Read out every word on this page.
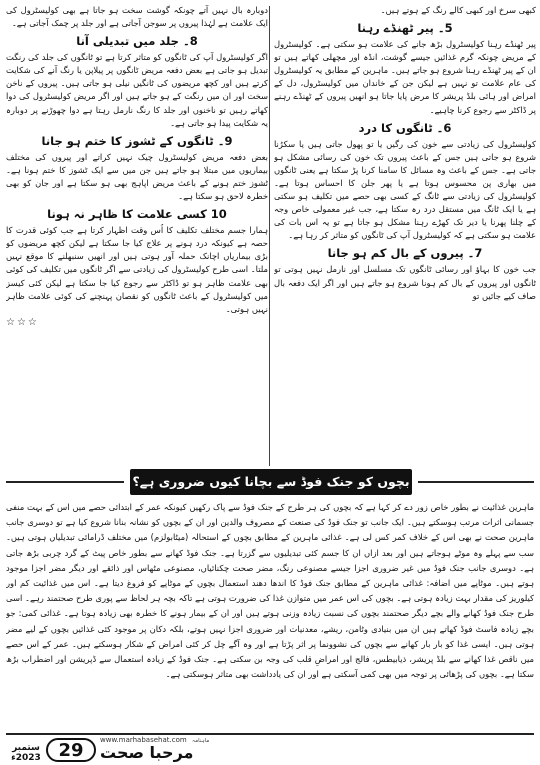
کبھی سرخ اور کبھی کالے رنگ کے ہوتے ہیں۔

5۔ پیر ٹھنڈے رہنا

پیر ٹھنڈے رہنا کولیسٹرول بڑھ جانے کی علامت ہو سکتی ہے۔ کولیسٹرول کے مریض چونکہ گرم غذائیں جیسے گوشت، انڈہ اور مچھلی کھاتے ہیں تو ان کے پیر ٹھنڈے رہنا شروع ہو جاتے ہیں۔ ماہرین کے مطابق یہ کولیسٹرول کی عام علامت تو نہیں ہے لیکن جن کے خاندان میں کولیسٹرول، دل کے امراض اور ہائی بلڈ پریشر کا مرض پایا جاتا ہو انھیں پیروں کے ٹھنڈے رہنے پر ڈاکٹر سے رجوع کرنا چاہیے۔

6۔ ٹانگوں کا درد

کولیسٹرول کی زیادتی سے خون کی رگیں یا تو پھول جاتی ہیں یا سکڑنا شروع ہو جاتی ہیں جس کے باعث پیروں تک خون کی رسائی مشکل ہو جاتی ہے۔ جس کے باعث وہ مسائل کا سامنا کرنا پڑ سکتا ہے یعنی ٹانگوں میں بھاری پن محسوس ہوتا ہے یا پھر جلن کا احساس ہوتا ہے۔ کولیسٹرول کی زیادتی سے ٹانگ کے کسی بھی حصے میں تکلیف ہو سکتی ہے یا ایک ٹانگ میں مستقل درد رہ سکتا ہے، جب غیر معمولی خاص وجہ کے چلنا پھرنا یا دیر تک کھڑے رہنا مشکل ہو جاتا ہے تو یہ اس بات کی علامت ہو سکتی ہے کہ کولیسٹرول آپ کی ٹانگوں کو متاثر کر رہا ہے۔

7۔ پیروں کے بال کم ہو جانا

جب خون کا بہاؤ اور رسائی ٹانگوں تک مسلسل اور نارمل نہیں ہوتی تو ٹانگوں اور پیروں کے بال کم ہونا شروع ہو جاتے ہیں اور اگر ایک دفعہ بال صاف کیے جائیں تو

دوبارہ بال نہیں آتے چونکہ گوشت سخت ہو جاتا ہے بھی کولیسٹرول کی ایک علامت ہے لہٰذا پیروں پر سوجن آجاتی ہے اور جلد پر چمک آجاتی ہے۔

8۔ جلد میں تبدیلی آنا

اگر کولیسٹرول آپ کی ٹانگوں کو متاثر کرتا ہے تو ٹانگوں کی جلد کی رنگت تبدیل ہو جاتی ہے بعض دفعہ مریض ٹانگوں پر پیلاپن یا رنگ آنے کی شکایت کرتے ہیں اور کچھ مریضوں کی ٹانگیں نیلی ہو جاتی ہیں۔ پیروں کے ناخن سخت اور ان میں رنگت کے ہو جاتے ہیں اور اگر مریض کولیسٹرول کی دوا کھاتے رہیں تو ناخنوں اور جلد کا رنگ نارمل رہتا ہے دوا چھوڑنے پر دوبارہ یہ شکایت پیدا ہو جاتی ہے۔

9۔ ٹانگوں کے ٹشوز کا ختم ہو جانا

بعض دفعہ مریض کولیسٹرول چیک نہیں کراتے اور پیروں کی مختلف بیماریوں میں مبتلا ہو جاتے ہیں جن میں سے ایک ٹشوز کا ختم ہونا ہے۔ ٹشوز ختم ہونے کے باعث مریض اپاہج بھی ہو سکتا ہے اور جان کو بھی خطرہ لاحق ہو سکتا ہے۔

10 کسی علامت کا ظاہر نہ ہونا

ہمارا جسم مختلف تکلیف کا اُس وقت اظہار کرتا ہے جب کوئی قدرت کا حصہ ہے کیونکہ درد ہونے پر علاج کیا جا سکتا ہے لیکن کچھ مریضوں کو بڑی بیماریاں اچانک حملہ آور ہوتی ہیں اور انھیں سنبھلنے کا موقع نہیں ملتا۔ اسی طرح کولیسٹرول کی زیادتی سے اگر ٹانگوں میں تکلیف کی کوئی بھی علامت ظاہر ہو تو ڈاکٹر سے رجوع کیا جا سکتا ہے لیکن کئی کیسز میں کولیسٹرول کے باعث ٹانگوں کو نقصان پہنچنے کی کوئی علامت ظاہر نہیں ہوتی۔

☆☆☆
بچوں کو جنک فوڈ سے بچانا کیوں ضروری ہے؟

ماہرین غذائیت نے بطور خاص زور دے کر کہا ہے کہ بچوں کی ہر طرح کے جنک فوڈ سے پاک رکھیں کیونکہ عمر کے ابتدائی حصے میں اس کے بہت منفی جسمانی اثرات مرتب ہوسکتے ہیں۔ ایک جانب تو جنک فوڈ کی صنعت کے مصروف والدین اور ان کے بچوں کو نشانہ بنانا شروع کیا ہے تو دوسری جانب ماہرین صحت نے بھی اس کے خلاف کمر کس لی ہے۔ غذائی ماہرین کے مطابق بچوں کے استحالہ (میٹابولزم) میں مختلف ڈرامائی تبدیلیاں ہوتی ہیں۔ سب سے پہلے وہ موٹے ہوجاتے ہیں اور بعد ازاں ان کا جسم کئی تبدیلیوں سے گزرتا ہے۔ جنک فوڈ کھانے سے بطور خاص پیٹ کے گرد چربی بڑھ جاتی ہے۔ دوسری جانب جنک فوڈ میں غیر ضروری اجزا جیسے مصنوعی رنگ، مضر صحت چکنائیاں، مصنوعی مٹھاس اور ذائقے اور دیگر مضر اجزا موجود ہوتے ہیں۔ موٹاپے میں اضافہ: غذائی ماہرین کے مطابق جنک فوڈ کا اندھا دھند استعمال بچوں کے موٹاپے کو فروغ دیتا ہے۔ اس میں غذائیت کم اور کیلوریز کی مقدار بہت زیادہ ہوتی ہے۔ بچوں کی اس عمر میں متوازن غذا کی ضرورت ہوتی ہے تاکہ بچہ ہر لحاظ سے پوری طرح صحتمند رہے۔ اسی طرح جنک فوڈ کھانے والے بچے دیگر صحتمند بچوں کی نسبت زیادہ وزنی ہوتے ہیں اور ان کے بیمار ہونے کا خطرہ بھی زیادہ ہوتا ہے۔ غذائی کمی: جو بچے زیادہ فاسٹ فوڈ کھاتے ہیں ان میں بنیادی وٹامن، ریشے، معدنیات اور ضروری اجزا نہیں ہوتے، بلکہ دکان پر موجود کئی غذائیں بچوں کے لیے مضر ہوتی ہیں۔ ایسی غذا کو بار بار کھانے سے بچوں کی نشوونما پر اثر پڑتا ہے اور وہ آگے چل کر کئی امراض کے شکار ہوسکتے ہیں۔ عمر کے اس حصے میں ناقص غذا کھانے سے بلڈ پریشر، ذیابیطس، فالج اور امراضِ قلب کی وجہ بن سکتی ہے۔ جنک فوڈ کے زیادہ استعمال سے ڈپریشن اور اضطراب بڑھ سکتا ہے۔ بچوں کی پڑھائی پر توجہ میں بھی کمی آسکتی ہے اور ان کی یادداشت بھی متاثر ہوسکتی ہے۔

ستمبر 2023ء 29	www.marhabasehat.com
مرحبا صحت
ماہنامہ
